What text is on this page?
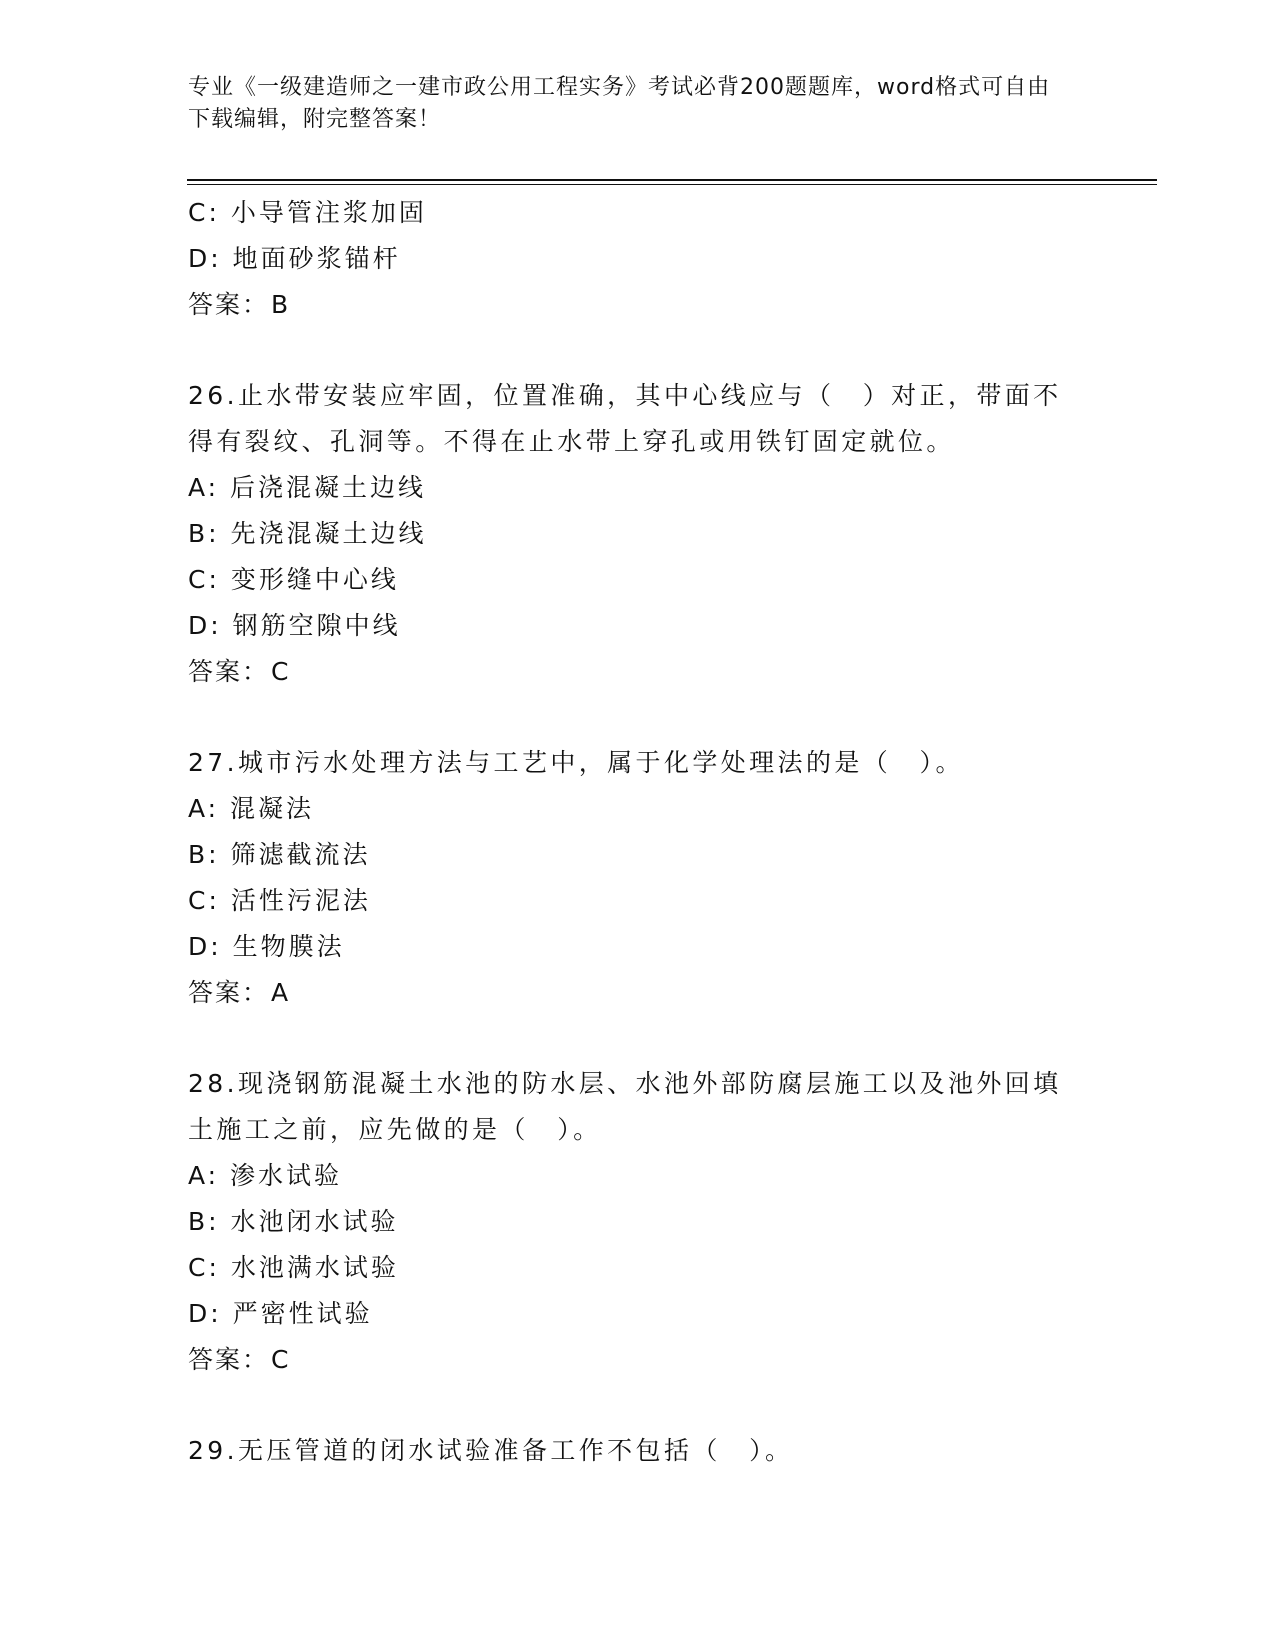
专业《一级建造师之一建市政公用工程实务》考试必背200题题库，word格式可自由下载编辑，附完整答案！
C: 小导管注浆加固
D: 地面砂浆锚杆
答案：B
26.止水带安装应牢固，位置准确，其中心线应与（　）对正，带面不得有裂纹、孔洞等。不得在止水带上穿孔或用铁钉固定就位。
A: 后浇混凝土边线
B: 先浇混凝土边线
C: 变形缝中心线
D: 钢筋空隙中线
答案：C
27.城市污水处理方法与工艺中，属于化学处理法的是（　）。
A: 混凝法
B: 筛滤截流法
C: 活性污泥法
D: 生物膜法
答案：A
28.现浇钢筋混凝土水池的防水层、水池外部防腐层施工以及池外回填土施工之前，应先做的是（　）。
A: 渗水试验
B: 水池闭水试验
C: 水池满水试验
D: 严密性试验
答案：C
29.无压管道的闭水试验准备工作不包括（　）。
